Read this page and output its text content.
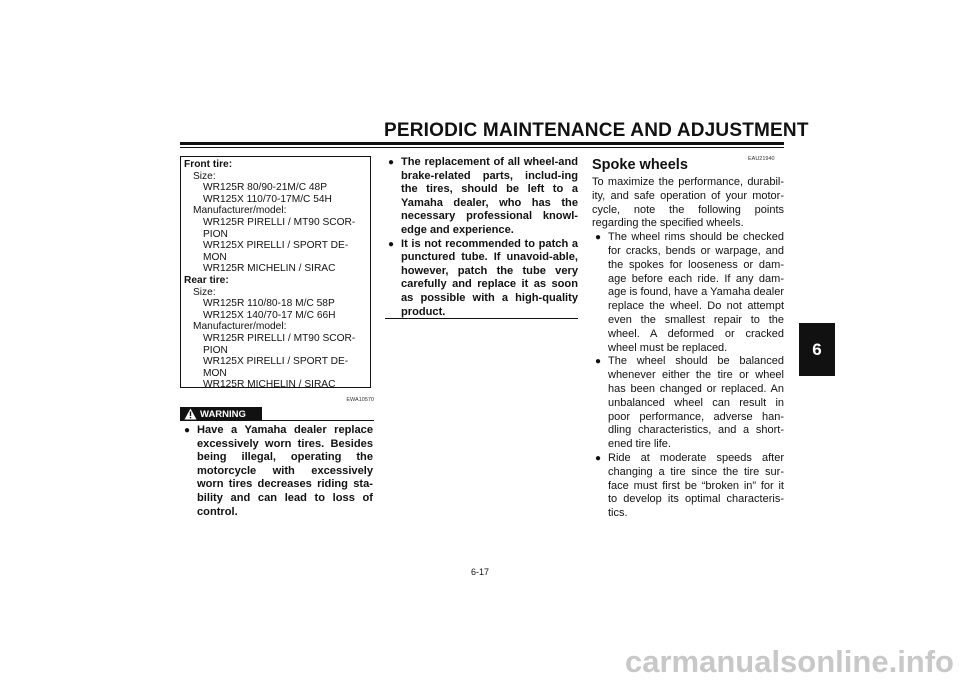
PERIODIC MAINTENANCE AND ADJUSTMENT
6
Front tire:
Size:
WR125R 80/90-21M/C 48P
WR125X 110/70-17M/C 54H
Manufacturer/model:
WR125R PIRELLI / MT90 SCOR-
PION
WR125X PIRELLI / SPORT DE-
MON
WR125R MICHELIN / SIRAC
Rear tire:
Size:
WR125R 110/80-18 M/C 58P
WR125X 140/70-17 M/C 66H
Manufacturer/model:
WR125R PIRELLI / MT90 SCOR-
PION
WR125X PIRELLI / SPORT DE-
MON
WR125R MICHELIN / SIRAC
WARNING
EWA10570
● Have a Yamaha dealer replace excessively worn tires. Besides being illegal, operating the motorcycle with excessively worn tires decreases riding sta-bility and can lead to loss of control.
● The replacement of all wheel-and brake-related parts, includ-ing the tires, should be left to a Yamaha dealer, who has the necessary professional knowl-edge and experience.
● It is not recommended to patch a punctured tube. If unavoid-able, however, patch the tube very carefully and replace it as soon as possible with a high-quality product.
EAU21940
Spoke wheels
To maximize the performance, durabil-ity, and safe operation of your motor-cycle, note the following points regarding the specified wheels.
● The wheel rims should be checked for cracks, bends or warpage, and the spokes for looseness or dam-age before each ride. If any dam-age is found, have a Yamaha dealer replace the wheel. Do not attempt even the smallest repair to the wheel. A deformed or cracked wheel must be replaced.
● The wheel should be balanced whenever either the tire or wheel has been changed or replaced. An unbalanced wheel can result in poor performance, adverse han-dling characteristics, and a short-ened tire life.
● Ride at moderate speeds after changing a tire since the tire sur-face must first be “broken in” for it to develop its optimal characteris-tics.
6-17
carmanualsonline.info
